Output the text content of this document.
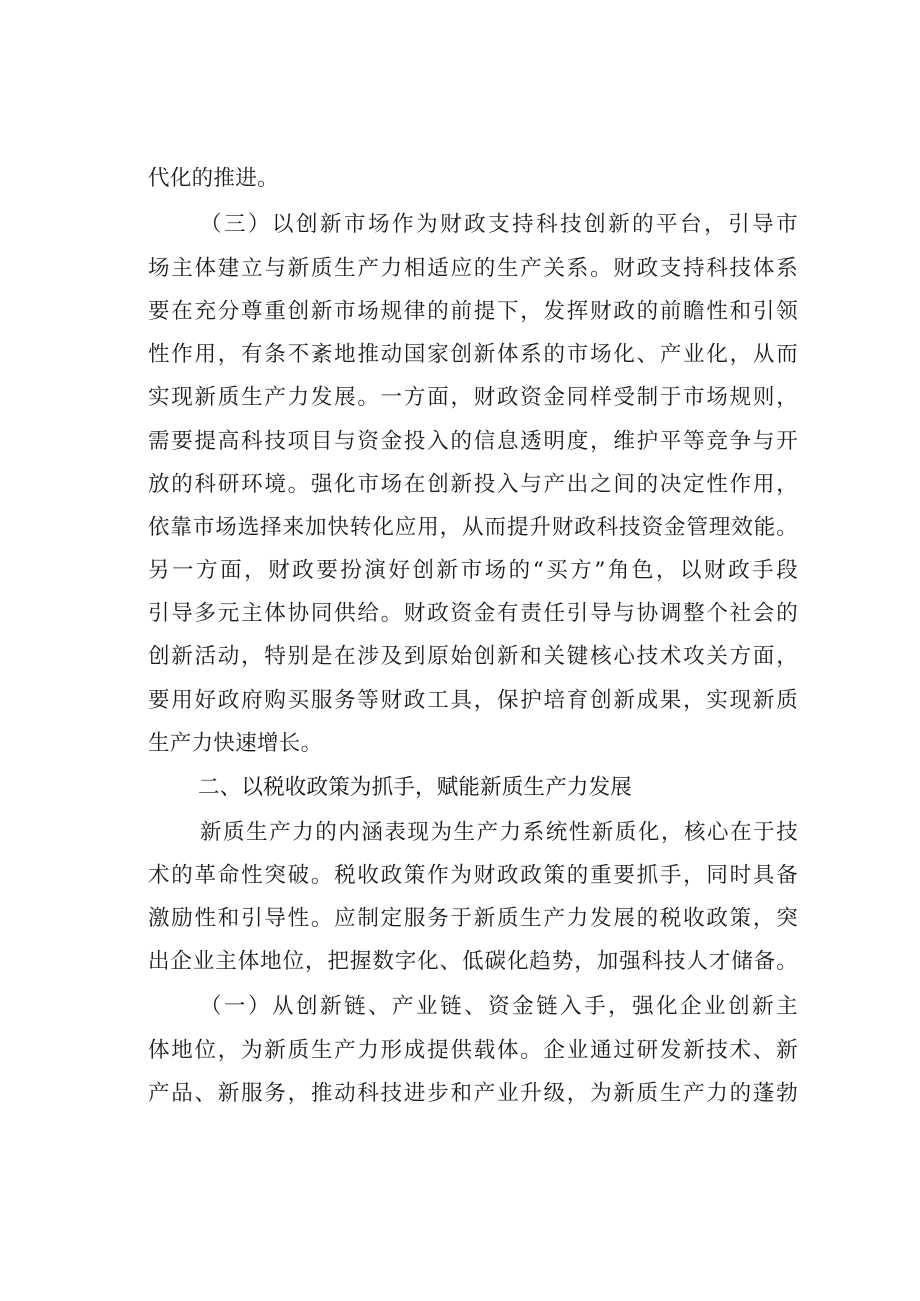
代化的推进。
（三）以创新市场作为财政支持科技创新的平台，引导市
场主体建立与新质生产力相适应的生产关系。财政支持科技体系
要在充分尊重创新市场规律的前提下，发挥财政的前瞻性和引领
性作用，有条不紊地推动国家创新体系的市场化、产业化，从而
实现新质生产力发展。一方面，财政资金同样受制于市场规则，
需要提高科技项目与资金投入的信息透明度，维护平等竞争与开
放的科研环境。强化市场在创新投入与产出之间的决定性作用，
依靠市场选择来加快转化应用，从而提升财政科技资金管理效能。
另一方面，财政要扮演好创新市场的“买方”角色，以财政手段
引导多元主体协同供给。财政资金有责任引导与协调整个社会的
创新活动，特别是在涉及到原始创新和关键核心技术攻关方面，
要用好政府购买服务等财政工具，保护培育创新成果，实现新质
生产力快速增长。
二、以税收政策为抓手，赋能新质生产力发展
新质生产力的内涵表现为生产力系统性新质化，核心在于技
术的革命性突破。税收政策作为财政政策的重要抓手，同时具备
激励性和引导性。应制定服务于新质生产力发展的税收政策，突
出企业主体地位，把握数字化、低碳化趋势，加强科技人才储备。
（一）从创新链、产业链、资金链入手，强化企业创新主
体地位，为新质生产力形成提供载体。企业通过研发新技术、新
产品、新服务，推动科技进步和产业升级，为新质生产力的蓬勃
